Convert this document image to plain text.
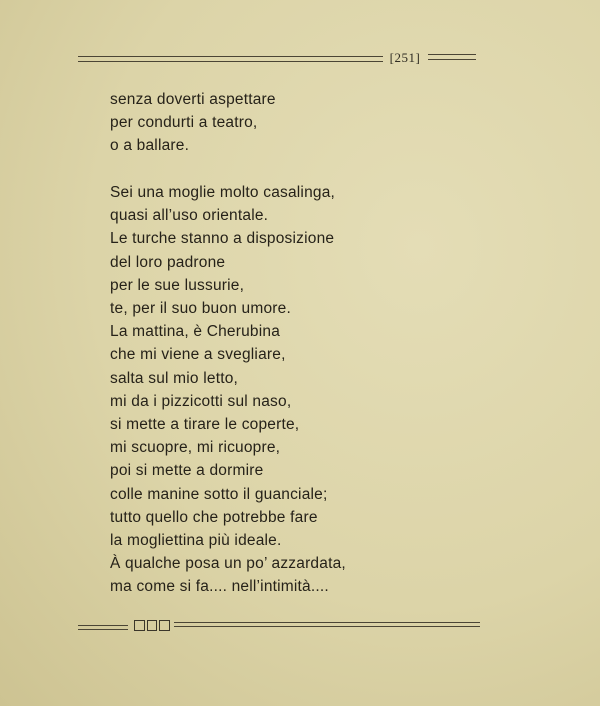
[251]
senza doverti aspettare
per condurti a teatro,
o a ballare.
Sei una moglie molto casalinga,
quasi all’uso orientale.
Le turche stanno a disposizione
del loro padrone
per le sue lussurie,
te, per il suo buon umore.
La mattina, è Cherubina
che mi viene a svegliare,
salta sul mio letto,
mi da i pizzicotti sul naso,
si mette a tirare le coperte,
mi scuopre, mi ricuopre,
poi si mette a dormire
colle manine sotto il guanciale;
tutto quello che potrebbe fare
la mogliettina più ideale.
À qualche posa un po’ azzardata,
ma come si fa.... nell’intimità....
